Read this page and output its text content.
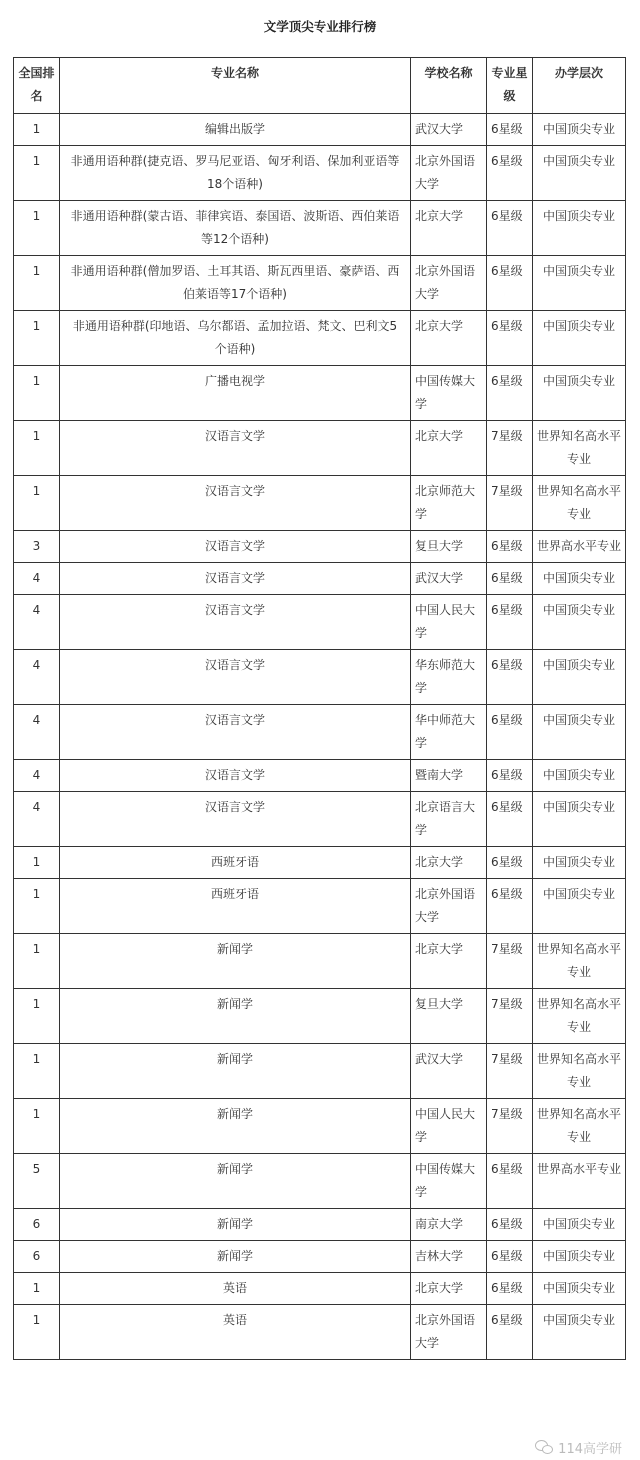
文学顶尖专业排行榜
全国排名	专业名称	学校名称	专业星级	办学层次
1	编辑出版学	武汉大学	6星级	中国顶尖专业
1	非通用语种群(捷克语、罗马尼亚语、匈牙利语、保加利亚语等18个语种)	北京外国语大学	6星级	中国顶尖专业
1	非通用语种群(蒙古语、菲律宾语、泰国语、波斯语、西伯莱语等12个语种)	北京大学	6星级	中国顶尖专业
1	非通用语种群(僧加罗语、土耳其语、斯瓦西里语、豪萨语、西伯莱语等17个语种)	北京外国语大学	6星级	中国顶尖专业
1	非通用语种群(印地语、乌尔都语、孟加拉语、梵文、巴利文5个语种)	北京大学	6星级	中国顶尖专业
1	广播电视学	中国传媒大学	6星级	中国顶尖专业
1	汉语言文学	北京大学	7星级	世界知名高水平专业
1	汉语言文学	北京师范大学	7星级	世界知名高水平专业
3	汉语言文学	复旦大学	6星级	世界高水平专业
4	汉语言文学	武汉大学	6星级	中国顶尖专业
4	汉语言文学	中国人民大学	6星级	中国顶尖专业
4	汉语言文学	华东师范大学	6星级	中国顶尖专业
4	汉语言文学	华中师范大学	6星级	中国顶尖专业
4	汉语言文学	暨南大学	6星级	中国顶尖专业
4	汉语言文学	北京语言大学	6星级	中国顶尖专业
1	西班牙语	北京大学	6星级	中国顶尖专业
1	西班牙语	北京外国语大学	6星级	中国顶尖专业
1	新闻学	北京大学	7星级	世界知名高水平专业
1	新闻学	复旦大学	7星级	世界知名高水平专业
1	新闻学	武汉大学	7星级	世界知名高水平专业
1	新闻学	中国人民大学	7星级	世界知名高水平专业
5	新闻学	中国传媒大学	6星级	世界高水平专业
6	新闻学	南京大学	6星级	中国顶尖专业
6	新闻学	吉林大学	6星级	中国顶尖专业
1	英语	北京大学	6星级	中国顶尖专业
1	英语	北京外国语大学	6星级	中国顶尖专业
114高学研
